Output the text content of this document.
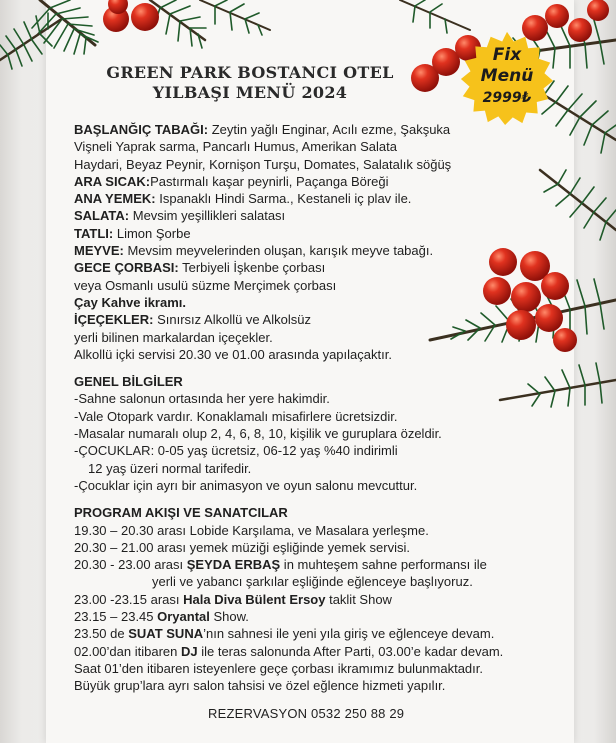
Fix
Menü
2999₺
GREEN PARK BOSTANCI OTEL
YILBAŞI MENÜ 2024
BAŞLANĞIÇ TABAĞI: Zeytin yağlı Enginar, Acılı ezme, Şakşuka
Vişneli Yaprak sarma, Pancarlı Humus, Amerikan Salata
Haydari, Beyaz Peynir, Kornişon Turşu, Domates, Salatalık söğüş
ARA SICAK:Pastırmalı kaşar peynirli, Paçanga Böreği
ANA YEMEK: Ispanaklı Hindi Sarma., Kestaneli iç plav ile.
SALATA: Mevsim yeşillikleri salatası
TATLI: Limon Şorbe
MEYVE: Mevsim meyvelerinden oluşan, karışık meyve tabağı.
GECE ÇORBASI: Terbiyeli İşkenbe çorbası
veya Osmanlı usulü süzme Merçimek çorbası
Çay Kahve ikramı.
İÇEÇEKLER: Sınırsız Alkollü ve Alkolsüz
yerli bilinen markalardan içeçekler.
Alkollü içki servisi 20.30 ve 01.00 arasında yapılaçaktır.
GENEL BİLGİLER
-Sahne salonun ortasında her yere hakimdir.
-Vale Otopark vardır. Konaklamalı misafirlere ücretsizdir.
-Masalar numaralı olup 2, 4, 6, 8, 10, kişilik ve guruplara özeldir.
-ÇOCUKLAR: 0-05 yaş ücretsiz, 06-12 yaş %40 indirimli
12 yaş üzeri normal tarifedir.
-Çocuklar için ayrı bir animasyon ve oyun salonu mevcuttur.
PROGRAM AKIŞI VE SANATCILAR
19.30 – 20.30 arası Lobide Karşılama, ve Masalara yerleşme.
20.30 – 21.00 arası yemek müziği eşliğinde yemek servisi.
20.30 - 23.00 arası ŞEYDA ERBAŞ in muhteşem sahne performansı ile
yerli ve yabancı şarkılar eşliğinde eğlenceye başlıyoruz.
23.00 -23.15 arası Hala Diva Bülent Ersoy taklit Show
23.15 – 23.45 Oryantal Show.
23.50 de SUAT SUNA’nın sahnesi ile yeni yıla giriş ve eğlenceye devam.
02.00’dan itibaren DJ ile teras salonunda After Parti, 03.00’e kadar devam.
Saat 01’den itibaren isteyenlere geçe çorbası ikramımız bulunmaktadır.
Büyük grup’lara ayrı salon tahsisi ve özel eğlence hizmeti yapılır.
REZERVASYON 0532 250 88 29
